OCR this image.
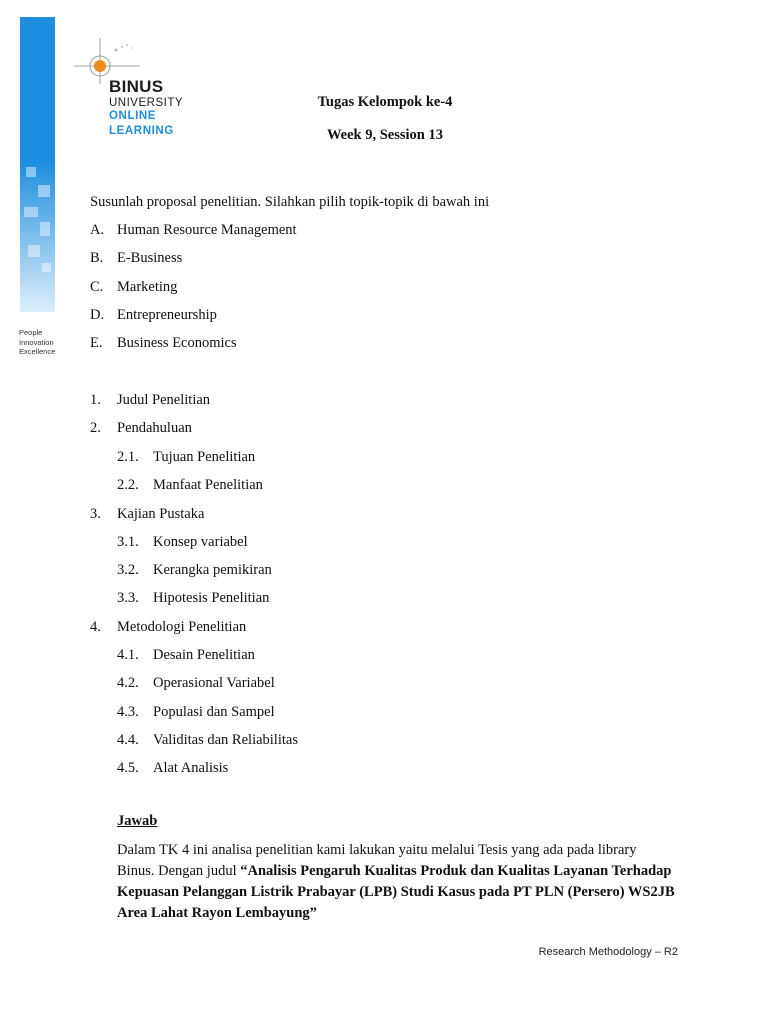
People
Innovation
Excellence
BINUS
UNIVERSITY
ONLINE
LEARNING
Tugas Kelompok ke-4
Week 9, Session 13
Susunlah proposal penelitian. Silahkan pilih topik-topik di bawah ini
A. Human Resource Management
B. E-Business
C. Marketing
D. Entrepreneurship
E. Business Economics
1. Judul Penelitian
2. Pendahuluan
2.1. Tujuan Penelitian
2.2. Manfaat Penelitian
3. Kajian Pustaka
3.1. Konsep variabel
3.2. Kerangka pemikiran
3.3. Hipotesis Penelitian
4. Metodologi Penelitian
4.1. Desain Penelitian
4.2. Operasional Variabel
4.3. Populasi dan Sampel
4.4. Validitas dan Reliabilitas
4.5. Alat Analisis
Jawab
Dalam TK 4 ini analisa penelitian kami lakukan yaitu melalui Tesis yang ada pada library Binus. Dengan judul “Analisis Pengaruh Kualitas Produk dan Kualitas Layanan Terhadap Kepuasan Pelanggan Listrik Prabayar (LPB) Studi Kasus pada PT PLN (Persero) WS2JB Area Lahat Rayon Lembayung”
Research Methodology – R2
